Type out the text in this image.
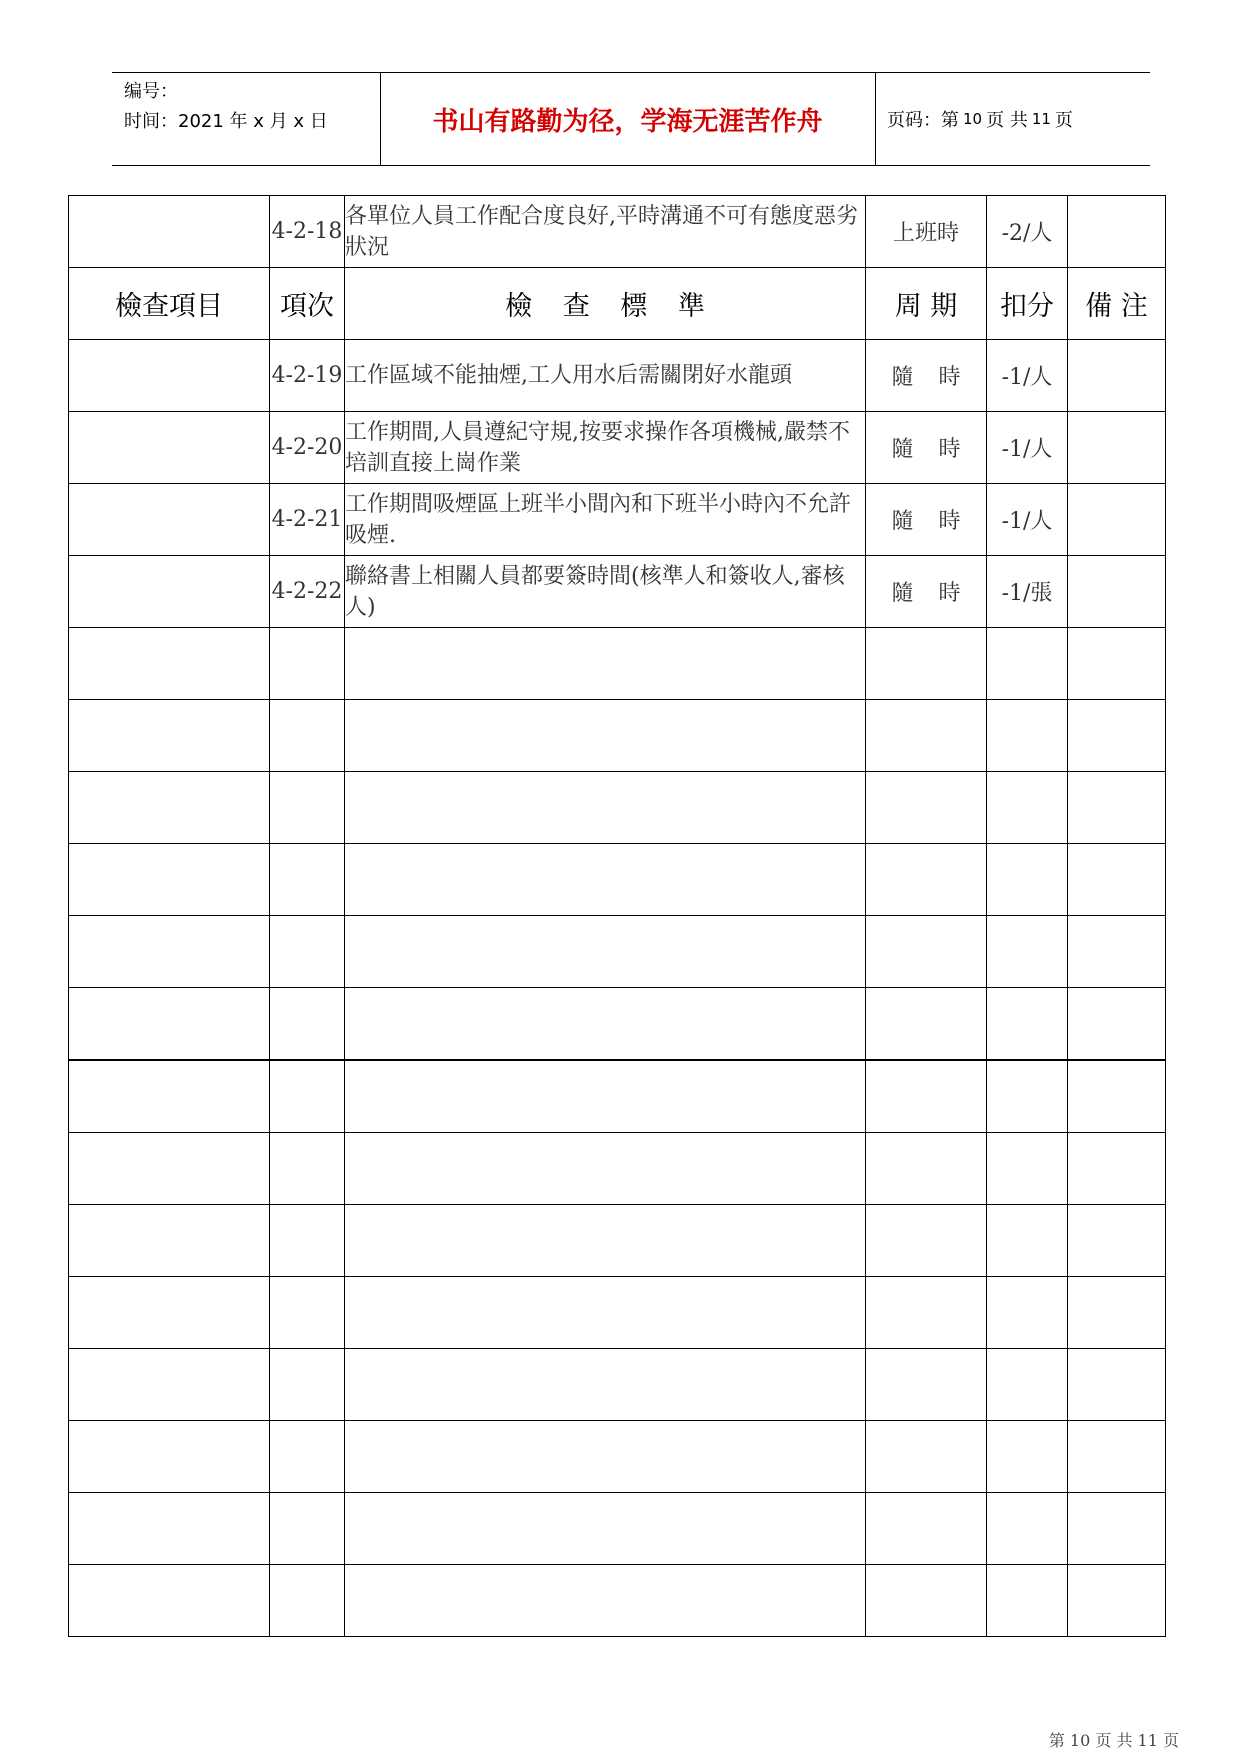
编号：
时间：2021 年 x 月 x 日	书山有路勤为径，学海无涯苦作舟	页码：第 10 页 共 11 页
	4-2-18	各單位人員工作配合度良好,平時溝通不可有態度惡劣狀況	上班時	-2/人	
檢查項目	項次	檢 查 標 準	周 期	扣分	備 注
	4-2-19	工作區域不能抽煙,工人用水后需關閉好水龍頭	隨 時	-1/人	
	4-2-20	工作期間,人員遵紀守規,按要求操作各項機械,嚴禁不培訓直接上崗作業	隨 時	-1/人	
	4-2-21	工作期間吸煙區上班半小間內和下班半小時內不允許吸煙.	隨 時	-1/人	
	4-2-22	聯絡書上相關人員都要簽時間(核準人和簽收人,審核人)	隨 時	-1/張	

第 10 页 共 11 页
